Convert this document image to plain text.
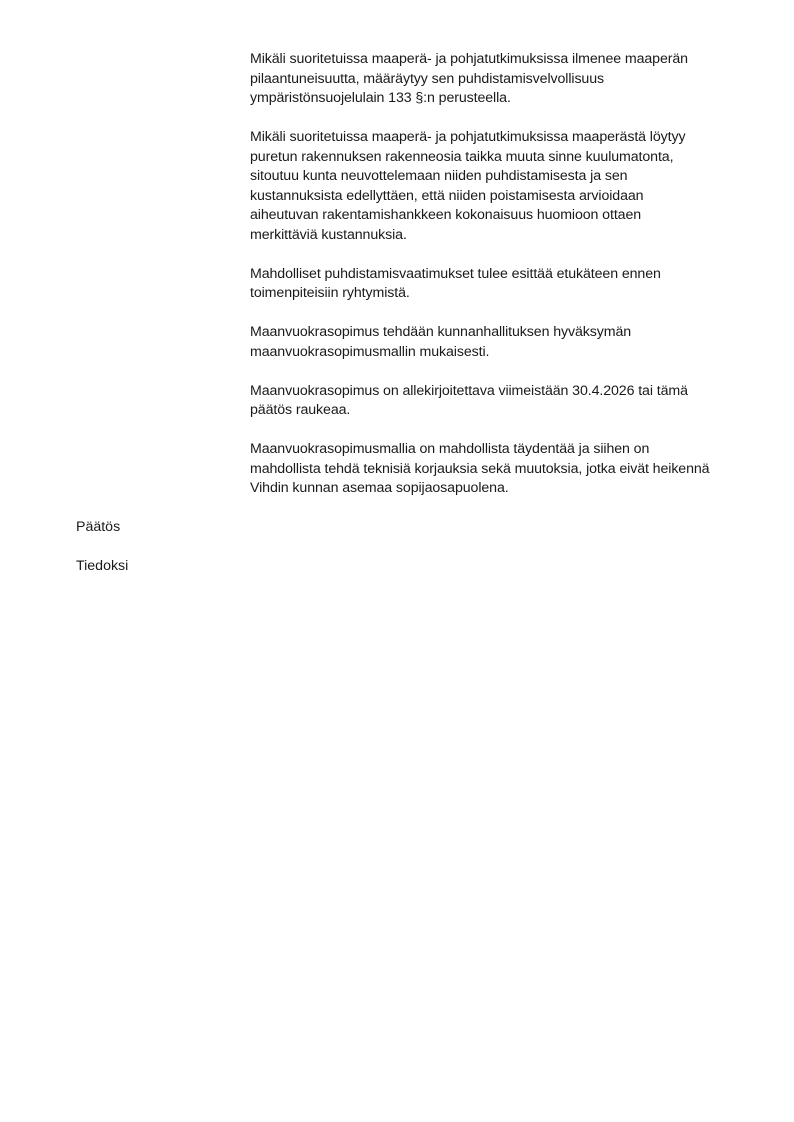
Mikäli suoritetuissa maaperä- ja pohjatutkimuksissa ilmenee maaperän
pilaantuneisuutta, määräytyy sen puhdistamisvelvollisuus
ympäristönsuojelulain 133 §:n perusteella.

Mikäli suoritetuissa maaperä- ja pohjatutkimuksissa maaperästä löytyy
puretun rakennuksen rakenneosia taikka muuta sinne kuulumatonta,
sitoutuu kunta neuvottelemaan niiden puhdistamisesta ja sen
kustannuksista edellyttäen, että niiden poistamisesta arvioidaan
aiheutuvan rakentamishankkeen kokonaisuus huomioon ottaen
merkittäviä kustannuksia.

Mahdolliset puhdistamisvaatimukset tulee esittää etukäteen ennen
toimenpiteisiin ryhtymistä.

Maanvuokrasopimus tehdään kunnanhallituksen hyväksymän
maanvuokrasopimusmallin mukaisesti.

Maanvuokrasopimus on allekirjoitettava viimeistään 30.4.2026 tai tämä
päätös raukeaa.

Maanvuokrasopimusmallia on mahdollista täydentää ja siihen on
mahdollista tehdä teknisiä korjauksia sekä muutoksia, jotka eivät heikennä
Vihdin kunnan asemaa sopijaosapuolena.

Päätös

Tiedoksi
